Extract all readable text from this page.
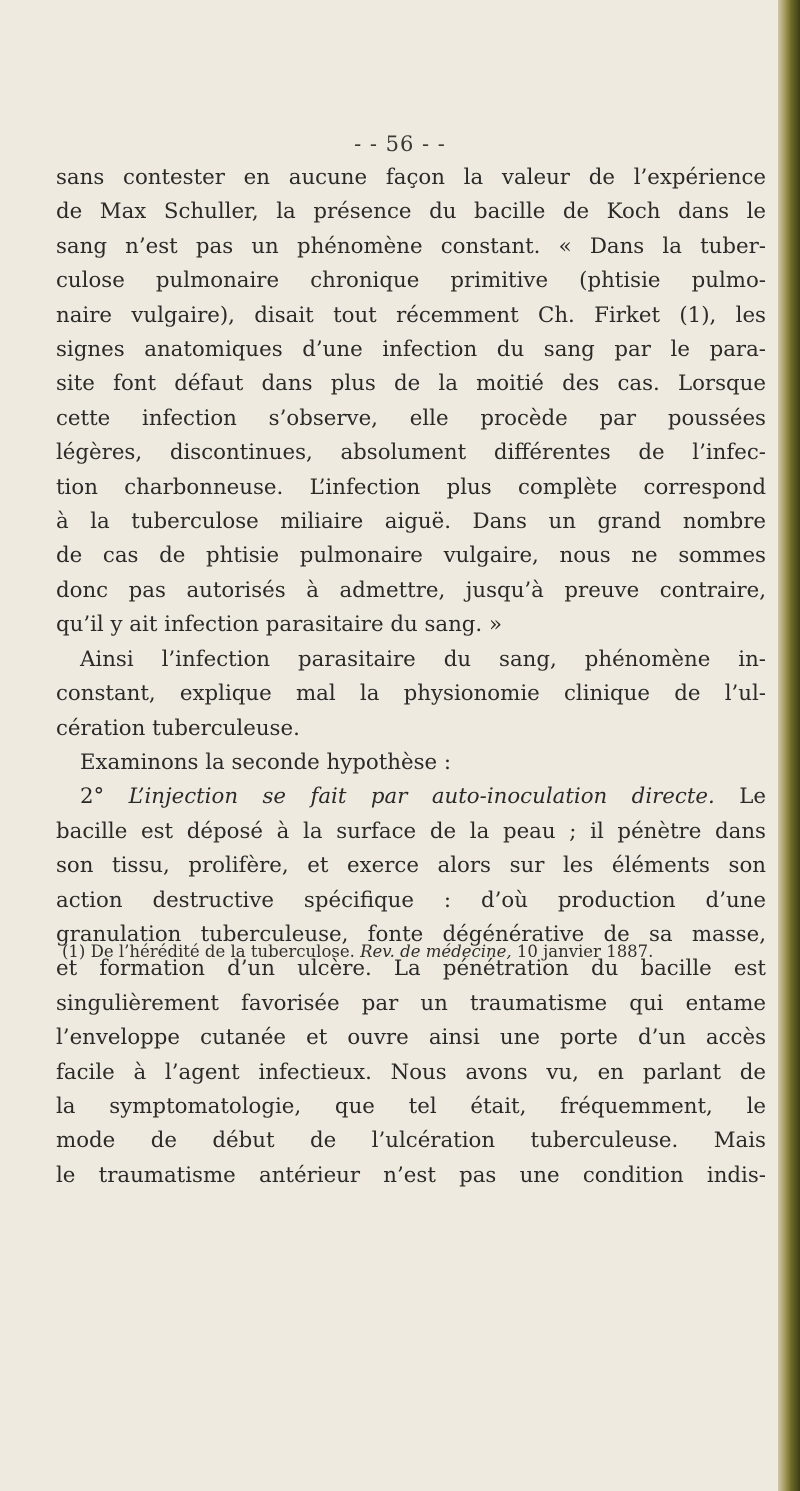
- - 56 - -
sans contester en aucune façon la valeur de l’expérience
de Max Schuller, la présence du bacille de Koch dans le
sang n’est pas un phénomène constant. « Dans la tuber-
culose pulmonaire chronique primitive (phtisie pulmo-
naire vulgaire), disait tout récemment Ch. Firket (1), les
signes anatomiques d’une infection du sang par le para-
site font défaut dans plus de la moitié des cas. Lorsque
cette infection s’observe, elle procède par poussées
légères, discontinues, absolument différentes de l’infec-
tion charbonneuse. L’infection plus complète correspond
à la tuberculose miliaire aiguë. Dans un grand nombre
de cas de phtisie pulmonaire vulgaire, nous ne sommes
donc pas autorisés à admettre, jusqu’à preuve contraire,
qu’il y ait infection parasitaire du sang. »
Ainsi l’infection parasitaire du sang, phénomène in-
constant, explique mal la physionomie clinique de l’ul-
cération tuberculeuse.
Examinons la seconde hypothèse :
2° L’injection se fait par auto-inoculation directe. Le
bacille est déposé à la surface de la peau ; il pénètre dans
son tissu, prolifère, et exerce alors sur les éléments son
action destructive spécifique : d’où production d’une
granulation tuberculeuse, fonte dégénérative de sa masse,
et formation d’un ulcère. La pénétration du bacille est
singulièrement favorisée par un traumatisme qui entame
l’enveloppe cutanée et ouvre ainsi une porte d’un accès
facile à l’agent infectieux. Nous avons vu, en parlant de
la symptomatologie, que tel était, fréquemment, le
mode de début de l’ulcération tuberculeuse. Mais
le traumatisme antérieur n’est pas une condition indis-
(1) De l’hérédité de la tuberculose. Rev. de médecine, 10 janvier 1887.
